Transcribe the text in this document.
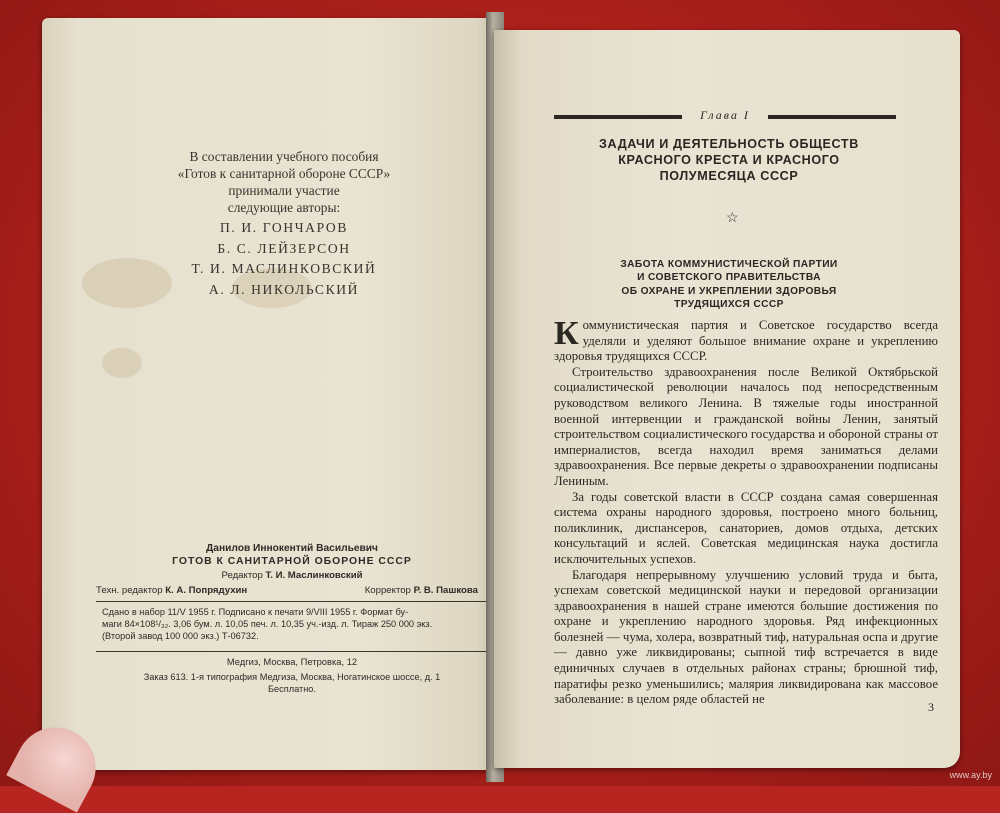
В составлении учебного пособия
«Готов к санитарной обороне СССР»
принимали участие
следующие авторы:
П. И. ГОНЧАРОВ
Б. С. ЛЕЙЗЕРСОН
Т. И. МАСЛИНКОВСКИЙ
А. Л. НИКОЛЬСКИЙ
Данилов Иннокентий Васильевич
ГОТОВ К САНИТАРНОЙ ОБОРОНЕ СССР
Редактор Т. И. Маслинковский
Техн. редактор К. А. Попрядухин	Корректор Р. В. Пашкова
Сдано в набор 11/V 1955 г. Подписано к печати 9/VIII 1955 г. Формат бу-
маги 84×108¹/₃₂. 3,06 бум. л. 10,05 печ. л. 10,35 уч.-изд. л. Тираж 250 000 экз.
(Второй завод 100 000 экз.) Т-06732.
Медгиз, Москва, Петровка, 12
Заказ 613. 1-я типография Медгиза, Москва, Ногатинское шоссе, д. 1
Бесплатно.
Глава I
ЗАДАЧИ И ДЕЯТЕЛЬНОСТЬ ОБЩЕСТВ
КРАСНОГО КРЕСТА И КРАСНОГО
ПОЛУМЕСЯЦА СССР
☆
ЗАБОТА КОММУНИСТИЧЕСКОЙ ПАРТИИ
И СОВЕТСКОГО ПРАВИТЕЛЬСТВА
ОБ ОХРАНЕ И УКРЕПЛЕНИИ ЗДОРОВЬЯ
ТРУДЯЩИХСЯ СССР

Коммунистическая партия и Советское государство всегда уделяли и уделяют большое внимание охране и укреплению здоровья трудящихся СССР.

Строительство здравоохранения после Великой Октябрьской социалистической революции началось под непосредственным руководством великого Ленина. В тяжелые годы иностранной военной интервенции и гражданской войны Ленин, занятый строительством социалистического государства и обороной страны от империалистов, всегда находил время заниматься делами здравоохранения. Все первые декреты о здравоохранении подписаны Лениным.

За годы советской власти в СССР создана самая совершенная система охраны народного здоровья, построено много больниц, поликлиник, диспансеров, санаториев, домов отдыха, детских консультаций и яслей. Советская медицинская наука достигла исключительных успехов.

Благодаря непрерывному улучшению условий труда и быта, успехам советской медицинской науки и передовой организации здравоохранения в нашей стране имеются большие достижения по охране и укреплению народного здоровья. Ряд инфекционных болезней — чума, холера, возвратный тиф, натуральная оспа и другие — давно уже ликвидированы; сыпной тиф встречается в виде единичных случаев в отдельных районах страны; брюшной тиф, паратифы резко уменьшились; малярия ликвидирована как массовое заболевание: в целом ряде областей не

3
www.ay.by
